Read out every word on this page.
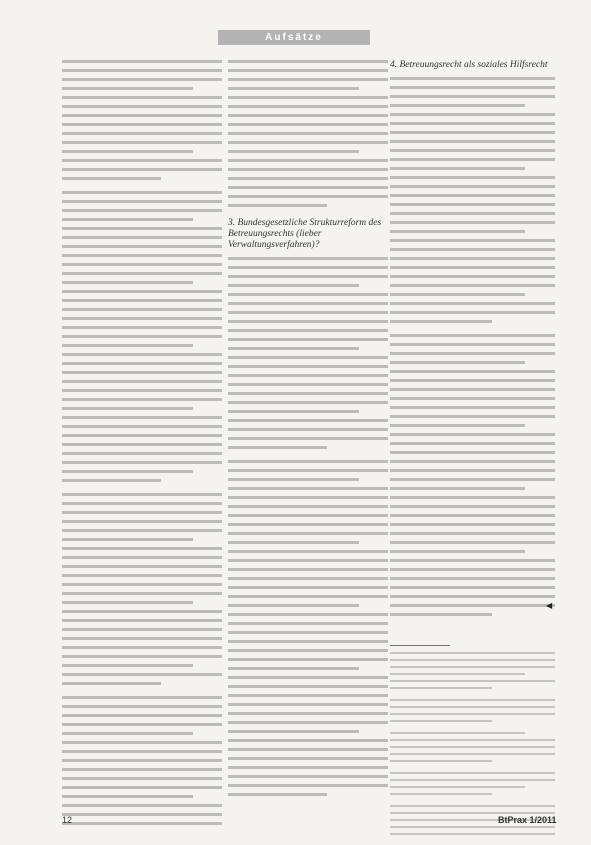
Aufsätze

3. Bundesgesetzliche Strukturreform des Betreuungsrechts (lieber Verwaltungsverfahren)?

4. Betreuungsrecht als soziales Hilfsrecht

◀
12	BtPrax 1/2011
